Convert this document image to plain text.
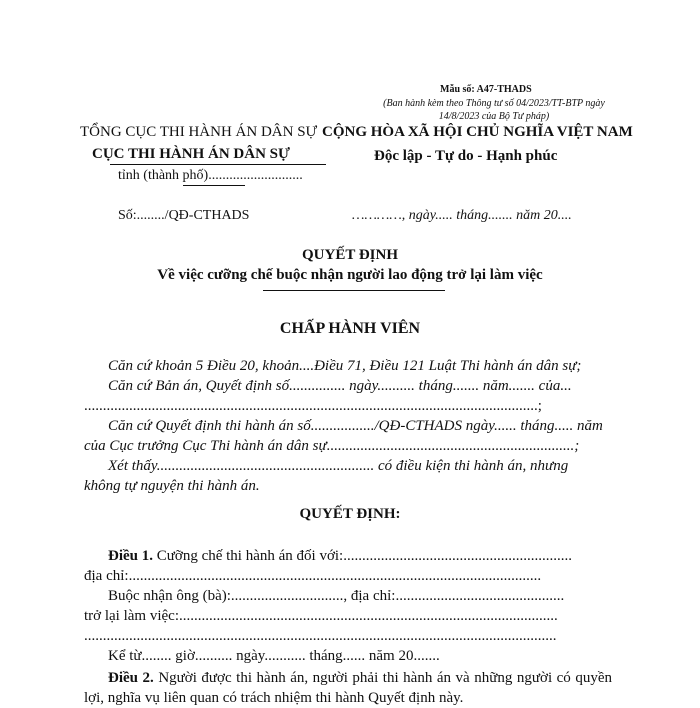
Mẫu số: A47-THADS
(Ban hành kèm theo Thông tư số 04/2023/TT-BTP ngày 14/8/2023 của Bộ Tư pháp)
TỔNG CỤC THI HÀNH ÁN DÂN SỰ
CỤC THI HÀNH ÁN DÂN SỰ
tỉnh (thành phố)...........................
CỘNG HÒA XÃ HỘI CHỦ NGHĨA VIỆT NAM
Độc lập - Tự do - Hạnh phúc
Số:......../QĐ-CTHADS	…………, ngày..... tháng....... năm 20....
QUYẾT ĐỊNH
Về việc cưỡng chế buộc nhận người lao động trở lại làm việc
CHẤP HÀNH VIÊN
Căn cứ khoản 5 Điều 20, khoản....Điều 71, Điều 121 Luật Thi hành án dân sự;
Căn cứ Bản án, Quyết định số............... ngày.......... tháng....... năm....... của...
.........................................................................................................................;
Căn cứ Quyết định thi hành án số................./QĐ-CTHADS ngày...... tháng..... năm
của Cục trưởng Cục Thi hành án dân sự..................................................................;
Xét thấy.......................................................... có điều kiện thi hành án, nhưng
không tự nguyện thi hành án.
QUYẾT ĐỊNH:
Điều 1. Cưỡng chế thi hành án đối với:.............................................................
địa chỉ:..............................................................................................................
Buộc nhận ông (bà):.............................., địa chỉ:.............................................
trở lại làm việc:.....................................................................................................
..............................................................................................................................
Kể từ........ giờ.......... ngày........... tháng...... năm 20.......
Điều 2. Người được thi hành án, người phải thi hành án và những người có quyền lợi, nghĩa vụ liên quan có trách nhiệm thi hành Quyết định này.
